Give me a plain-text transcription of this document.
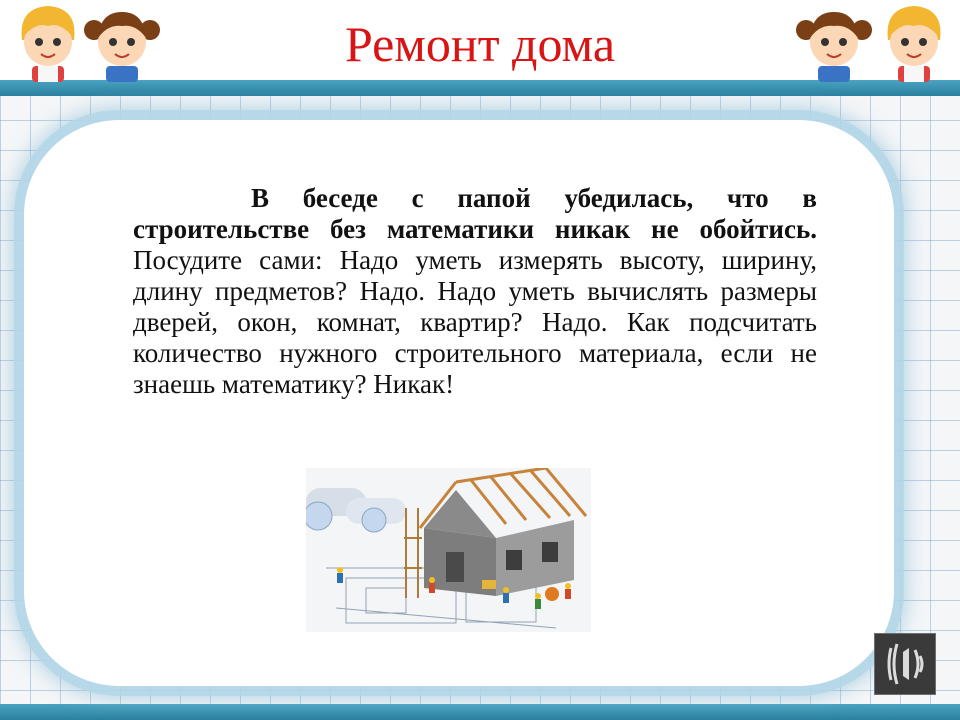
Ремонт дома

В беседе с папой убедилась, что в строительстве без математики никак не обойтись. Посудите сами: Надо уметь измерять высоту, ширину, длину предметов? Надо. Надо уметь вычислять размеры дверей, окон, комнат, квартир? Надо. Как подсчитать количество нужного строительного материала, если не знаешь математику? Никак!
